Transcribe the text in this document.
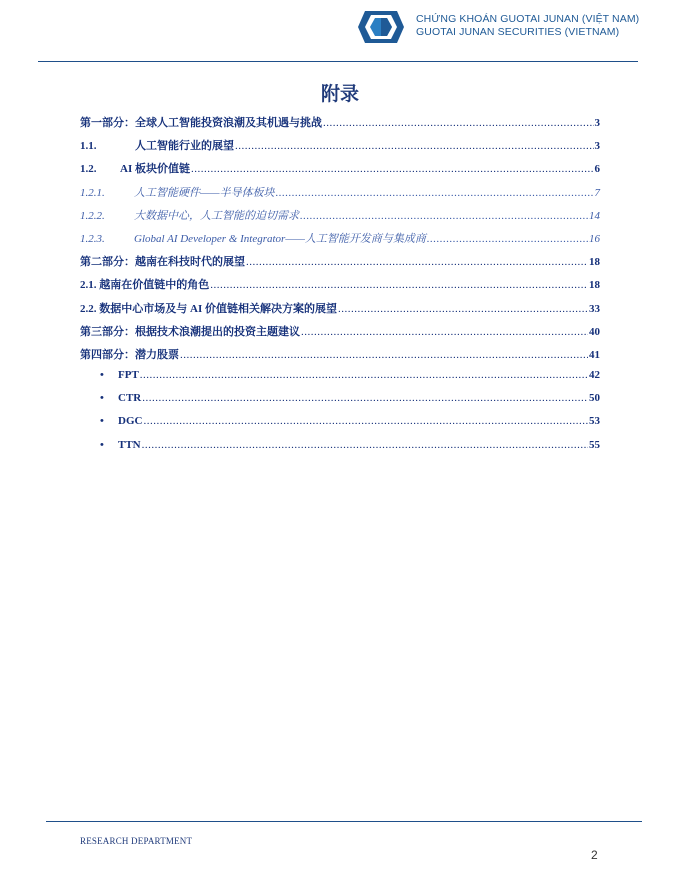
CHỨNG KHOÁN GUOTAI JUNAN (VIỆT NAM)
GUOTAI JUNAN SECURITIES (VIETNAM)
附录
第一部分：全球人工智能投资浪潮及其机遇与挑战 .....	3
1.1.	人工智能行业的展望 .....	3
1.2.	AI 板块价值链 .....	6
1.2.1.	人工智能硬件——半导体板块 .....	7
1.2.2.	大数据中心，人工智能的迫切需求 .....	14
1.2.3.	Global AI Developer & Integrator——人工智能开发商与集成商 .....	16
第二部分：越南在科技时代的展望 .....	18
2.1. 越南在价值链中的角色 .....	18
2.2. 数据中心市场及与 AI 价值链相关解决方案的展望 .....	33
第三部分：根据技术浪潮提出的投资主题建议 .....	40
第四部分：潜力股票 .....	41
•	FPT .....	42
•	CTR .....	50
•	DGC .....	53
•	TTN .....	55
RESEARCH DEPARTMENT
2
